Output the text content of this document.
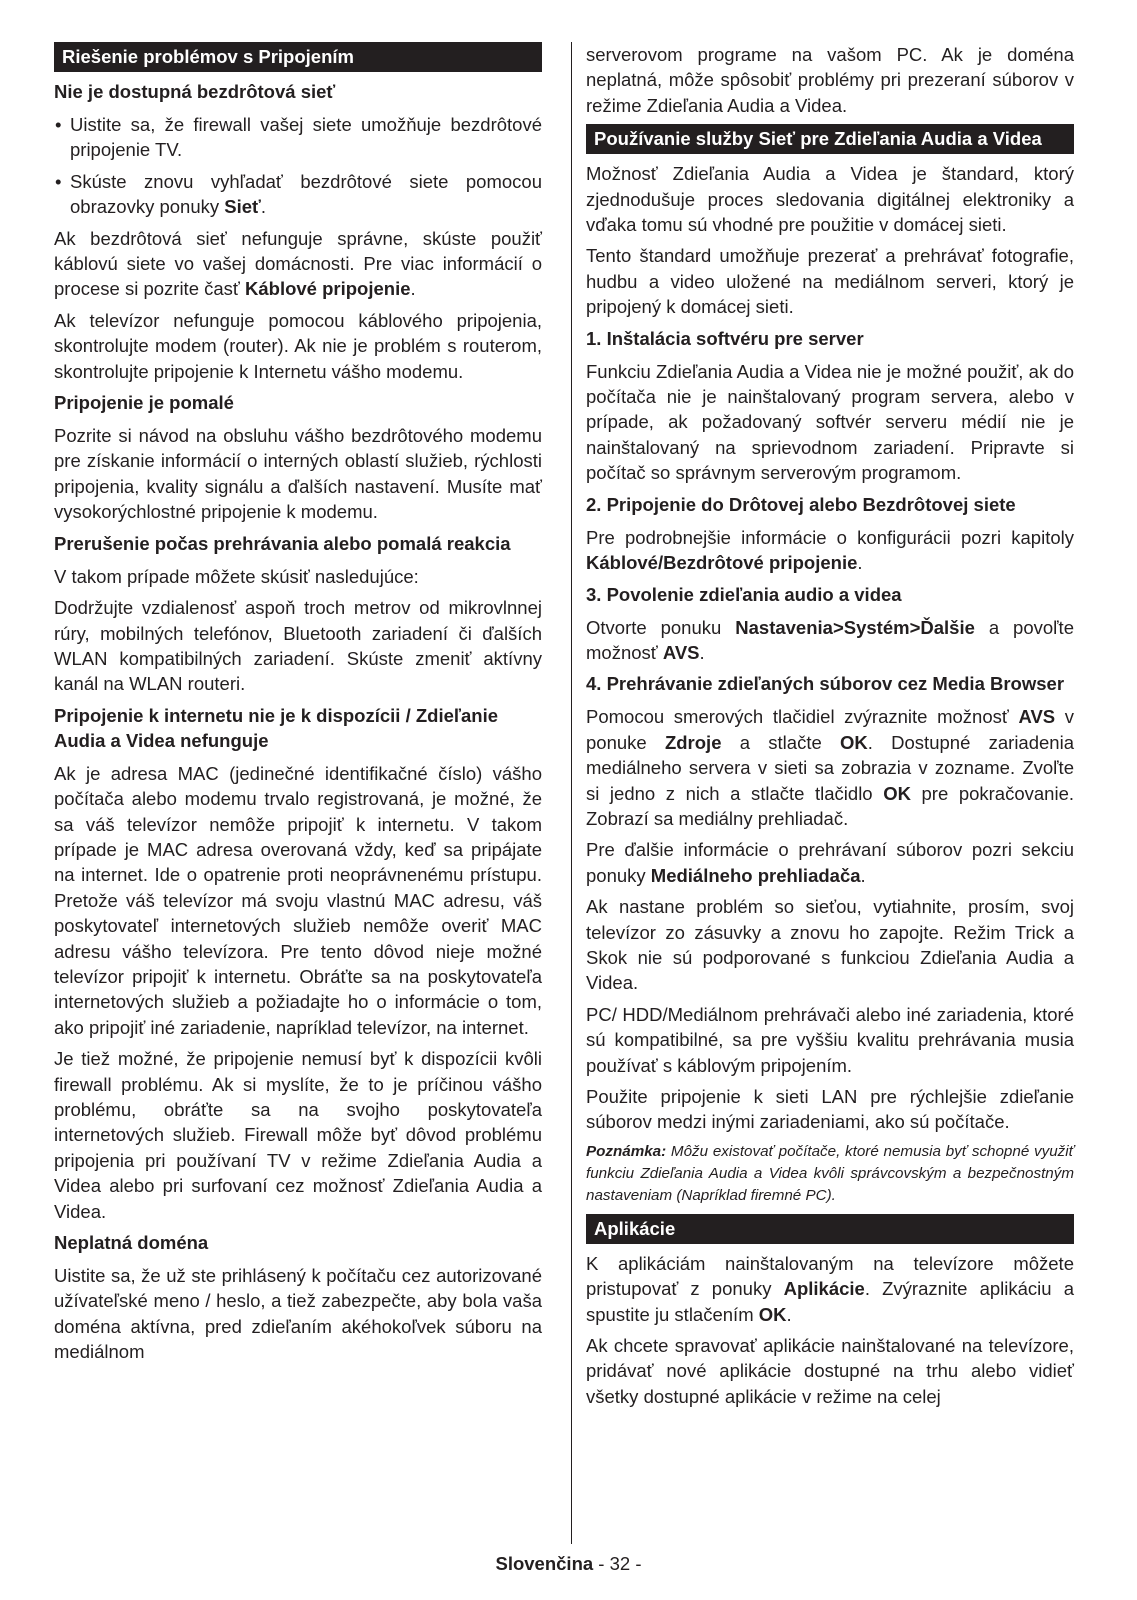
Riešenie problémov s Pripojením
Nie je dostupná bezdrôtová sieť
• Uistite sa, že firewall vašej siete umožňuje bezdrôtové pripojenie TV.
• Skúste znovu vyhľadať bezdrôtové siete pomocou obrazovky ponuky Sieť.

Ak bezdrôtová sieť nefunguje správne, skúste použiť káblovú siete vo vašej domácnosti. Pre viac informácií o procese si pozrite časť Káblové pripojenie.

Ak televízor nefunguje pomocou káblového pripojenia, skontrolujte modem (router). Ak nie je problém s routerom, skontrolujte pripojenie k Internetu vášho modemu.

Pripojenie je pomalé

Pozrite si návod na obsluhu vášho bezdrôtového modemu pre získanie informácií o interných oblastí služieb, rýchlosti pripojenia, kvality signálu a ďalších nastavení. Musíte mať vysokorýchlostné pripojenie k modemu.

Prerušenie počas prehrávania alebo pomalá reakcia

V takom prípade môžete skúsiť nasledujúce:

Dodržujte vzdialenosť aspoň troch metrov od mikrovlnnej rúry, mobilných telefónov, Bluetooth zariadení či ďalších WLAN kompatibilných zariadení. Skúste zmeniť aktívny kanál na WLAN routeri.

Pripojenie k internetu nie je k dispozícii / Zdieľanie Audia a Videa nefunguje

Ak je adresa MAC (jedinečné identifikačné číslo) vášho počítača alebo modemu trvalo registrovaná, je možné, že sa váš televízor nemôže pripojiť k internetu. V takom prípade je MAC adresa overovaná vždy, keď sa pripájate na internet. Ide o opatrenie proti neoprávnenému prístupu. Pretože váš televízor má svoju vlastnú MAC adresu, váš poskytovateľ internetových služieb nemôže overiť MAC adresu vášho televízora. Pre tento dôvod nieje možné televízor pripojiť k internetu. Obráťte sa na poskytovateľa internetových služieb a požiadajte ho o informácie o tom, ako pripojiť iné zariadenie, napríklad televízor, na internet.

Je tiež možné, že pripojenie nemusí byť k dispozícii kvôli firewall problému. Ak si myslíte, že to je príčinou vášho problému, obráťte sa na svojho poskytovateľa internetových služieb. Firewall môže byť dôvod problému pripojenia pri používaní TV v režime Zdieľania Audia a Videa alebo pri surfovaní cez možnosť Zdieľania Audia a Videa.

Neplatná doména

Uistite sa, že už ste prihlásený k počítaču cez autorizované užívateľské meno / heslo, a tiež zabezpečte, aby bola vaša doména aktívna, pred zdieľaním akéhokoľvek súboru na mediálnom

serverovom programe na vašom PC. Ak je doména neplatná, môže spôsobiť problémy pri prezeraní súborov v režime Zdieľania Audia a Videa.

Používanie služby Sieť pre Zdieľania Audia a Videa

Možnosť Zdieľania Audia a Videa je štandard, ktorý zjednodušuje proces sledovania digitálnej elektroniky a vďaka tomu sú vhodné pre použitie v domácej sieti.

Tento štandard umožňuje prezerať a prehrávať fotografie, hudbu a video uložené na mediálnom serveri, ktorý je pripojený k domácej sieti.

1. Inštalácia softvéru pre server

Funkciu Zdieľania Audia a Videa nie je možné použiť, ak do počítača nie je nainštalovaný program servera, alebo v prípade, ak požadovaný softvér serveru médií nie je nainštalovaný na sprievodnom zariadení. Pripravte si počítač so správnym serverovým programom.

2. Pripojenie do Drôtovej alebo Bezdrôtovej siete

Pre podrobnejšie informácie o konfigurácii pozri kapitoly Káblové/Bezdrôtové pripojenie.

3. Povolenie zdieľania audio a videa

Otvorte ponuku Nastavenia>Systém>Ďalšie a povoľte možnosť AVS.

4. Prehrávanie zdieľaných súborov cez Media Browser

Pomocou smerových tlačidiel zvýraznite možnosť AVS v ponuke Zdroje a stlačte OK. Dostupné zariadenia mediálneho servera v sieti sa zobrazia v zozname. Zvoľte si jedno z nich a stlačte tlačidlo OK pre pokračovanie. Zobrazí sa mediálny prehliadač.

Pre ďalšie informácie o prehrávaní súborov pozri sekciu ponuky Mediálneho prehliadača.

Ak nastane problém so sieťou, vytiahnite, prosím, svoj televízor zo zásuvky a znovu ho zapojte. Režim Trick a Skok nie sú podporované s funkciou Zdieľania Audia a Videa.

PC/ HDD/Mediálnom prehrávači alebo iné zariadenia, ktoré sú kompatibilné, sa pre vyššiu kvalitu prehrávania musia používať s káblovým pripojením.

Použite pripojenie k sieti LAN pre rýchlejšie zdieľanie súborov medzi inými zariadeniami, ako sú počítače.

Poznámka: Môžu existovať počítače, ktoré nemusia byť schopné využiť funkciu Zdieľania Audia a Videa kvôli správcovským a bezpečnostným nastaveniam (Napríklad firemné PC).
Aplikácie

K aplikáciám nainštalovaným na televízore môžete pristupovať z ponuky Aplikácie. Zvýraznite aplikáciu a spustite ju stlačením OK.

Ak chcete spravovať aplikácie nainštalované na televízore, pridávať nové aplikácie dostupné na trhu alebo vidieť všetky dostupné aplikácie v režime na celej

Slovenčina - 32 -
